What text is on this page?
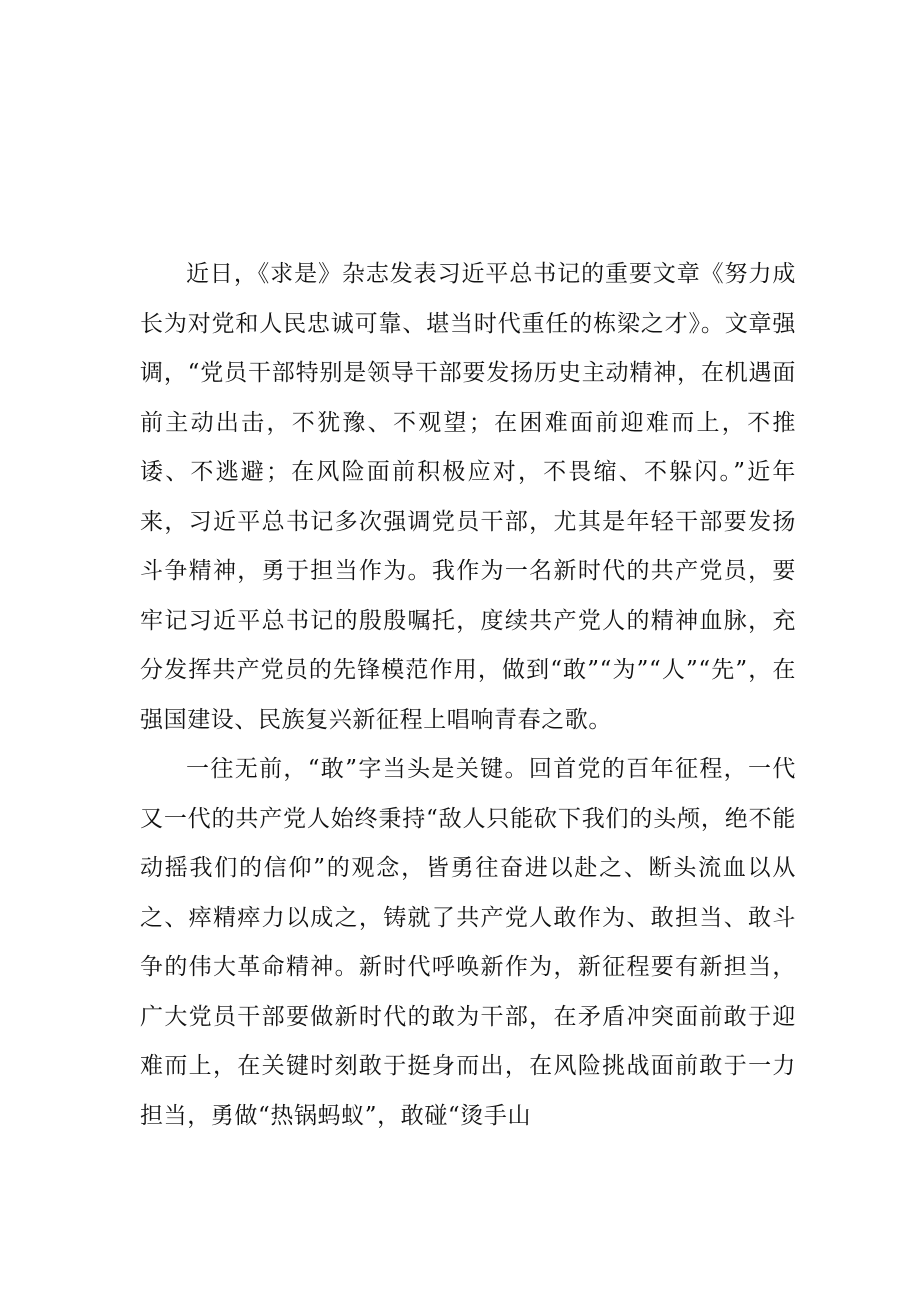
近日，《求是》杂志发表习近平总书记的重要文章《努力成长为对党和人民忠诚可靠、堪当时代重任的栋梁之才》。文章强调，“党员干部特别是领导干部要发扬历史主动精神，在机遇面前主动出击，不犹豫、不观望；在困难面前迎难而上，不推诿、不逃避；在风险面前积极应对，不畏缩、不躲闪。”近年来，习近平总书记多次强调党员干部，尤其是年轻干部要发扬斗争精神，勇于担当作为。我作为一名新时代的共产党员，要牢记习近平总书记的殷殷嘱托，度续共产党人的精神血脉，充分发挥共产党员的先锋模范作用，做到“敢”“为”“人”“先”，在强国建设、民族复兴新征程上唱响青春之歌。

一往无前，“敢”字当头是关键。回首党的百年征程，一代又一代的共产党人始终秉持“敌人只能砍下我们的头颅，绝不能动摇我们的信仰”的观念，皆勇往奋进以赴之、断头流血以从之、瘁精瘁力以成之，铸就了共产党人敢作为、敢担当、敢斗争的伟大革命精神。新时代呼唤新作为，新征程要有新担当，广大党员干部要做新时代的敢为干部，在矛盾冲突面前敢于迎难而上，在关键时刻敢于挺身而出，在风险挑战面前敢于一力担当，勇做“热锅蚂蚁”，敢碰“烫手山
